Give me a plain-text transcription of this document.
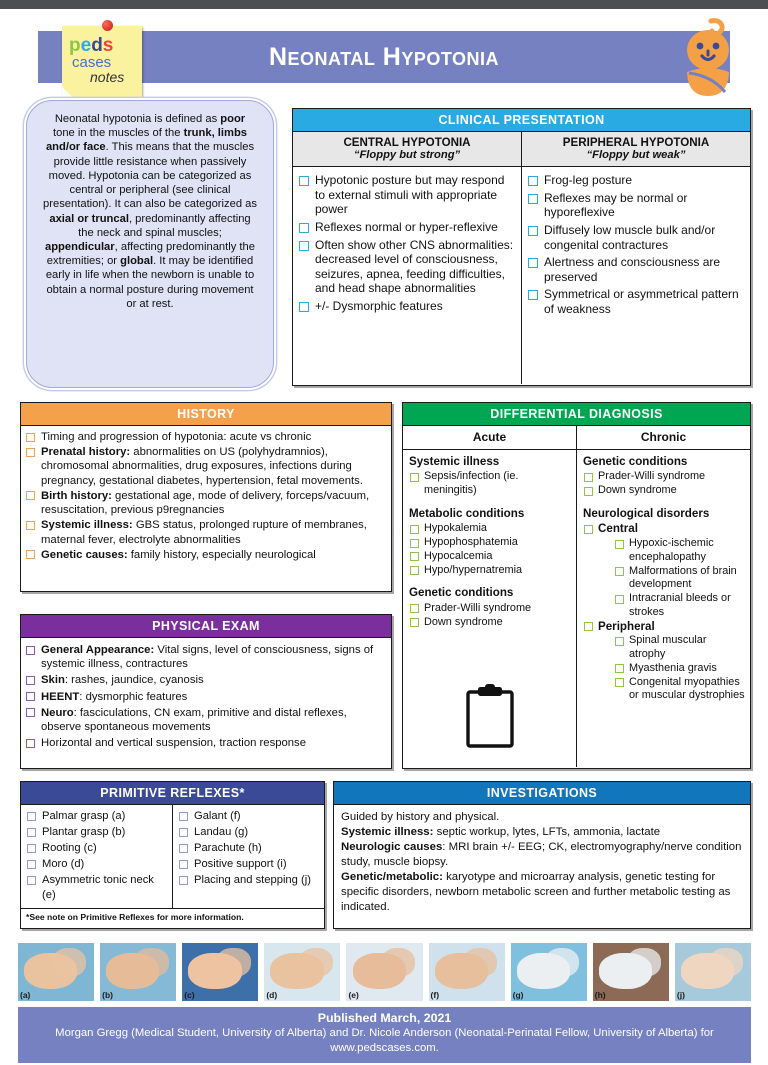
Neonatal Hypotonia
peds
cases
notes
Neonatal hypotonia is defined as poor tone in the muscles of the trunk, limbs and/or face. This means that the muscles provide little resistance when passively moved. Hypotonia can be categorized as central or peripheral (see clinical presentation). It can also be categorized as axial or truncal, predominantly affecting the neck and spinal muscles; appendicular, affecting predominantly the extremities; or global. It may be identified early in life when the newborn is unable to obtain a normal posture during movement or at rest.
CLINICAL PRESENTATION
CENTRAL HYPOTONIA
“Floppy but strong”
Hypotonic posture but may respond to external stimuli with appropriate power
Reflexes normal or hyper-reflexive
Often show other CNS abnormalities: decreased level of consciousness, seizures, apnea, feeding difficulties, and head shape abnormalities
+/- Dysmorphic features
PERIPHERAL HYPOTONIA
“Floppy but weak”
Frog-leg posture
Reflexes may be normal or hyporeflexive
Diffusely low muscle bulk and/or congenital contractures
Alertness and consciousness are preserved
Symmetrical or asymmetrical pattern of weakness
HISTORY
Timing and progression of hypotonia: acute vs chronic
Prenatal history: abnormalities on US (polyhydramnios), chromosomal abnormalities, drug exposures, infections during pregnancy, gestational diabetes, hypertension, fetal movements.
Birth history: gestational age, mode of delivery, forceps/vacuum, resuscitation, previous p9regnancies
Systemic illness: GBS status, prolonged rupture of membranes, maternal fever, electrolyte abnormalities
Genetic causes: family history, especially neurological
PHYSICAL EXAM
General Appearance: Vital signs, level of consciousness, signs of systemic illness, contractures
Skin: rashes, jaundice, cyanosis
HEENT: dysmorphic features
Neuro: fasciculations, CN exam, primitive and distal reflexes, observe spontaneous movements
Horizontal and vertical suspension, traction response
DIFFERENTIAL DIAGNOSIS
Acute
Systemic illness
Sepsis/infection (ie. meningitis)
Metabolic conditions
Hypokalemia
Hypophosphatemia
Hypocalcemia
Hypo/hypernatremia
Genetic conditions
Prader-Willi syndrome
Down syndrome
Chronic
Genetic conditions
Prader-Willi syndrome
Down syndrome
Neurological disorders
Central
Hypoxic-ischemic encephalopathy
Malformations of brain development
Intracranial bleeds or strokes
Peripheral
Spinal muscular atrophy
Myasthenia gravis
Congenital myopathies or muscular dystrophies
PRIMITIVE REFLEXES*
Palmar grasp (a)
Plantar grasp (b)
Rooting (c)
Moro (d)
Asymmetric tonic neck (e)
Galant (f)
Landau (g)
Parachute (h)
Positive support (i)
Placing and stepping (j)
*See note on Primitive Reflexes for more information.
INVESTIGATIONS
Guided by history and physical.
Systemic illness: septic workup, lytes, LFTs, ammonia, lactate
Neurologic causes: MRI brain +/- EEG; CK, electromyography/nerve condition study, muscle biopsy.
Genetic/metabolic: karyotype and microarray analysis, genetic testing for specific disorders, newborn metabolic screen and further metabolic testing as indicated.
(a)	(b)	(c)	(d)	(e)	(f)	(g)	(h)	(j)
Published March, 2021
Morgan Gregg (Medical Student, University of Alberta) and Dr. Nicole Anderson (Neonatal-Perinatal Fellow, University of Alberta) for www.pedscases.com.
